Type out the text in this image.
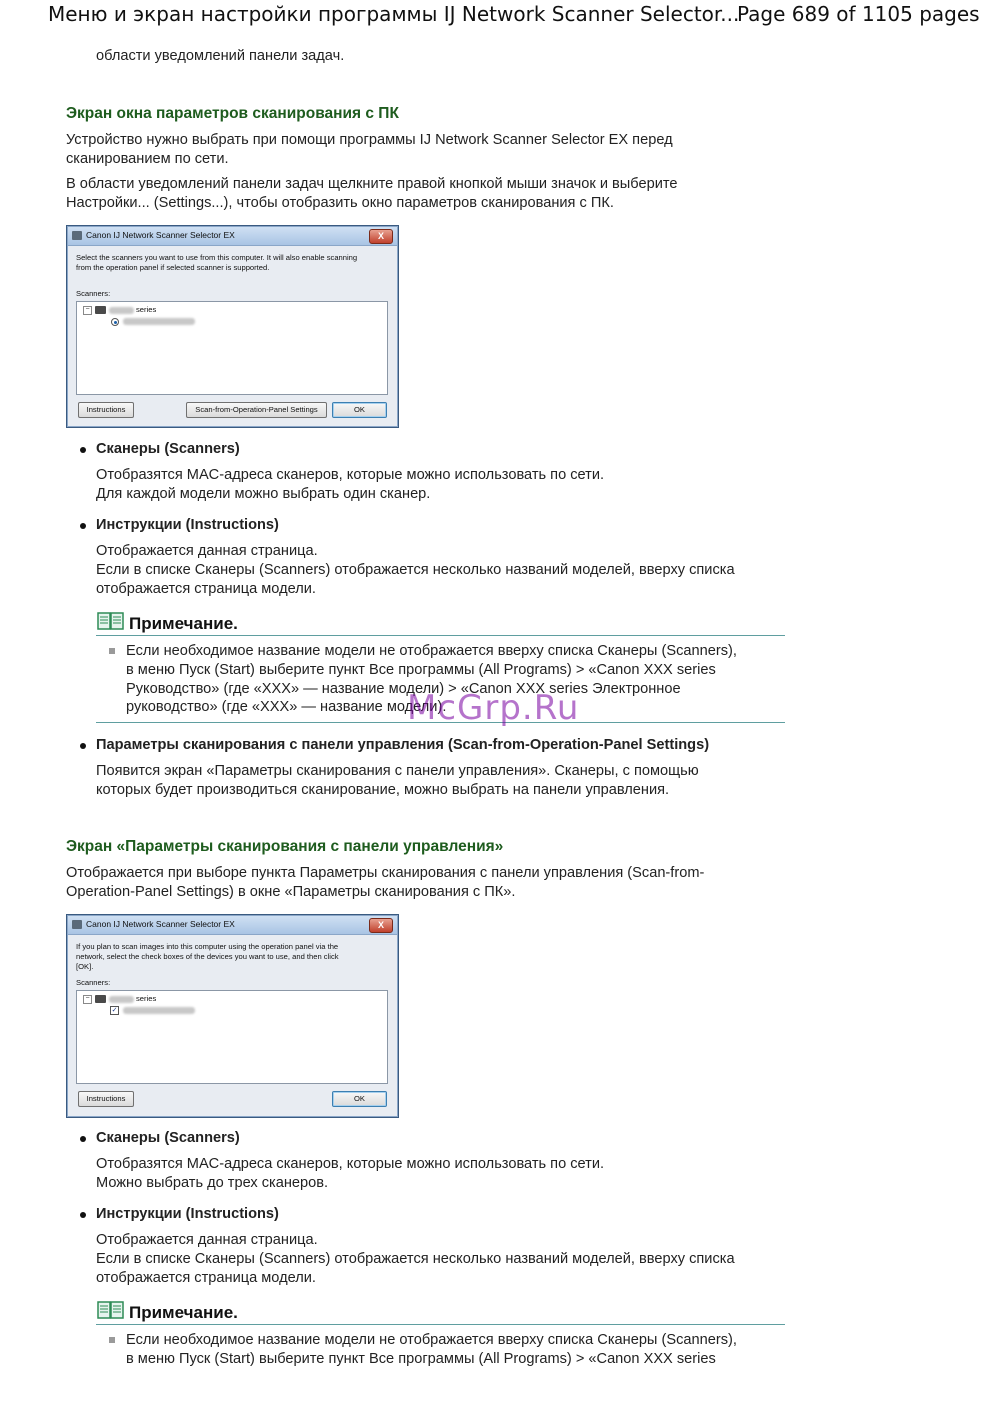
Меню и экран настройки программы IJ Network Scanner Selector...
Page 689 of 1105 pages
области уведомлений панели задач.
Экран окна параметров сканирования с ПК
Устройство нужно выбрать при помощи программы IJ Network Scanner Selector EX перед
сканированием по сети.
В области уведомлений панели задач щелкните правой кнопкой мыши значок и выберите
Настройки... (Settings...), чтобы отобразить окно параметров сканирования с ПК.
Canon IJ Network Scanner Selector EX	X
Select the scanners you want to use from this computer. It will also enable scanning
from the operation panel if selected scanner is supported.
Scanners:
−	series
Instructions	Scan-from-Operation-Panel Settings	OK
Сканеры (Scanners)
Отобразятся MAC-адреса сканеров, которые можно использовать по сети.
Для каждой модели можно выбрать один сканер.
Инструкции (Instructions)
Отображается данная страница.
Если в списке Сканеры (Scanners) отображается несколько названий моделей, вверху списка
отображается страница модели.
Примечание.
Если необходимое название модели не отображается вверху списка Сканеры (Scanners),
в меню Пуск (Start) выберите пункт Все программы (All Programs) > «Canon XXX series
Руководство» (где «XXX» — название модели) > «Canon XXX series Электронное
руководство» (где «XXX» — название модели).
McGrp.Ru
Параметры сканирования с панели управления (Scan-from-Operation-Panel Settings)
Появится экран «Параметры сканирования с панели управления». Сканеры, с помощью
которых будет производиться сканирование, можно выбрать на панели управления.
Экран «Параметры сканирования с панели управления»
Отображается при выборе пункта Параметры сканирования с панели управления (Scan-from-
Operation-Panel Settings) в окне «Параметры сканирования с ПК».
Canon IJ Network Scanner Selector EX	X
If you plan to scan images into this computer using the operation panel via the
network, select the check boxes of the devices you want to use, and then click
[OK].
Scanners:
−	series
✓
Instructions	OK
Сканеры (Scanners)
Отобразятся MAC-адреса сканеров, которые можно использовать по сети.
Можно выбрать до трех сканеров.
Инструкции (Instructions)
Отображается данная страница.
Если в списке Сканеры (Scanners) отображается несколько названий моделей, вверху списка
отображается страница модели.
Примечание.
Если необходимое название модели не отображается вверху списка Сканеры (Scanners),
в меню Пуск (Start) выберите пункт Все программы (All Programs) > «Canon XXX series
